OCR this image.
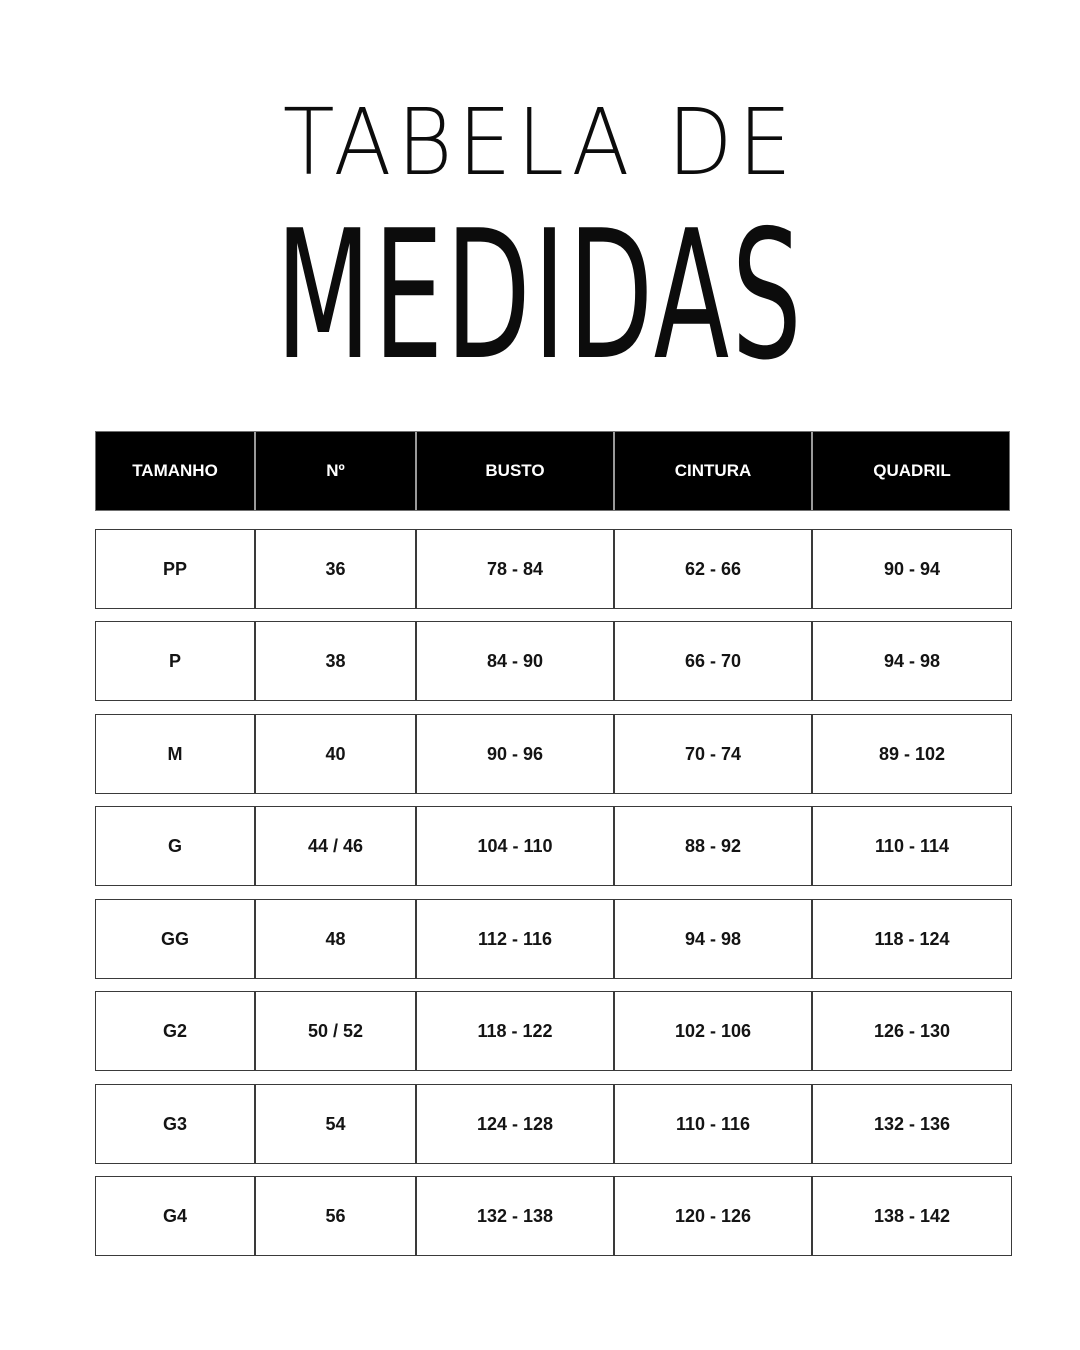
TABELA DE
MEDIDAS
TAMANHO	Nº	BUSTO	CINTURA	QUADRIL
PP	36	78 - 84	62 - 66	90 - 94
P	38	84 - 90	66 - 70	94 - 98
M	40	90 - 96	70 - 74	89 - 102
G	44 / 46	104 - 110	88 - 92	110 - 114
GG	48	112 - 116	94 - 98	118 - 124
G2	50 / 52	118 - 122	102 - 106	126 - 130
G3	54	124 - 128	110 - 116	132 - 136
G4	56	132 - 138	120 - 126	138 - 142
